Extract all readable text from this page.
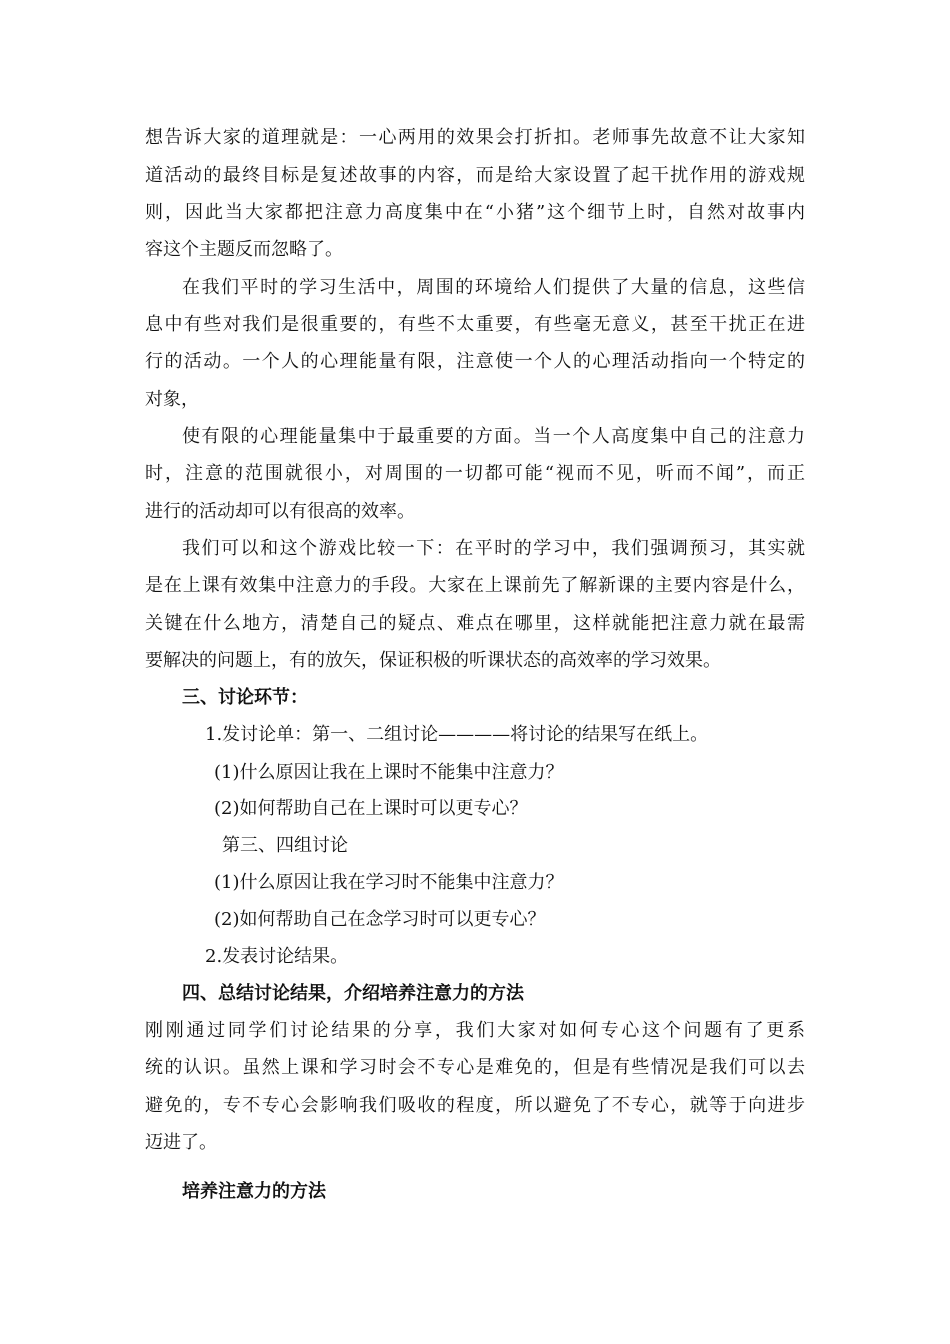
想告诉大家的道理就是：一心两用的效果会打折扣。老师事先故意不让大家知
道活动的最终目标是复述故事的内容，而是给大家设置了起干扰作用的游戏规
则，因此当大家都把注意力高度集中在“小猪”这个细节上时，自然对故事内
容这个主题反而忽略了。
在我们平时的学习生活中，周围的环境给人们提供了大量的信息，这些信
息中有些对我们是很重要的，有些不太重要，有些毫无意义，甚至干扰正在进
行的活动。一个人的心理能量有限，注意使一个人的心理活动指向一个特定的
对象，
使有限的心理能量集中于最重要的方面。当一个人高度集中自己的注意力
时，注意的范围就很小，对周围的一切都可能“视而不见，听而不闻”，而正
进行的活动却可以有很高的效率。
我们可以和这个游戏比较一下：在平时的学习中，我们强调预习，其实就
是在上课有效集中注意力的手段。大家在上课前先了解新课的主要内容是什么，
关键在什么地方，清楚自己的疑点、难点在哪里，这样就能把注意力就在最需
要解决的问题上，有的放矢，保证积极的听课状态的高效率的学习效果。
三、讨论环节：
1.发讨论单：第一、二组讨论————将讨论的结果写在纸上。
(1)什么原因让我在上课时不能集中注意力？
(2)如何帮助自己在上课时可以更专心？
第三、四组讨论
(1)什么原因让我在学习时不能集中注意力？
(2)如何帮助自己在念学习时可以更专心？
2.发表讨论结果。
四、总结讨论结果，介绍培养注意力的方法
刚刚通过同学们讨论结果的分享，我们大家对如何专心这个问题有了更系
统的认识。虽然上课和学习时会不专心是难免的，但是有些情况是我们可以去
避免的，专不专心会影响我们吸收的程度，所以避免了不专心，就等于向进步
迈进了。
培养注意力的方法
